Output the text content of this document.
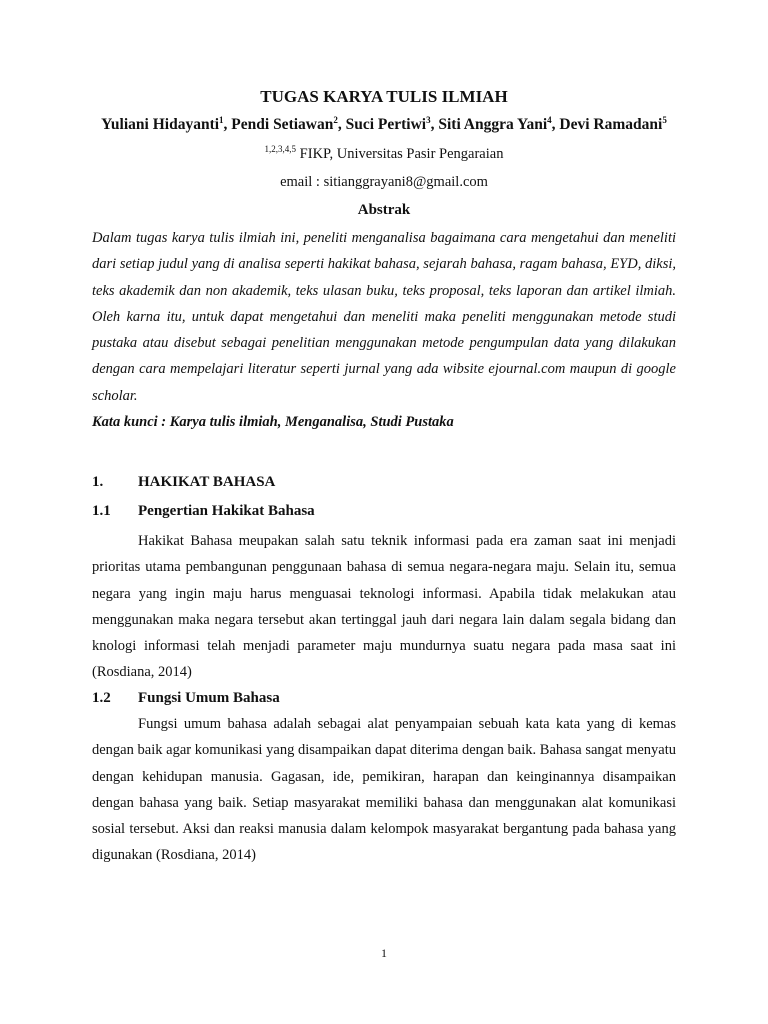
TUGAS KARYA TULIS ILMIAH
Yuliani Hidayanti$^1$, Pendi Setiawan$^2$, Suci Pertiwi$^3$, Siti Anggra Yani$^4$, Devi Ramadani$^5$
$^{1,2,3,4,5}$ FIKP, Universitas Pasir Pengaraian
email : sitianggrayani8@gmail.com
Abstrak

Dalam tugas karya tulis ilmiah ini, peneliti menganalisa bagaimana cara mengetahui dan meneliti dari setiap judul yang di analisa seperti hakikat bahasa, sejarah bahasa, ragam bahasa, EYD, diksi, teks akademik dan non akademik, teks ulasan buku, teks proposal, teks laporan dan artikel ilmiah. Oleh karna itu, untuk dapat mengetahui dan meneliti maka peneliti menggunakan metode studi pustaka atau disebut sebagai penelitian menggunakan metode pengumpulan data yang dilakukan dengan cara mempelajari literatur seperti jurnal yang ada wibsite ejournal.com maupun di google scholar.

Kata kunci : Karya tulis ilmiah, Menganalisa, Studi Pustaka

1. HAKIKAT BAHASA
1.1 Pengertian Hakikat Bahasa

Hakikat Bahasa meupakan salah satu teknik informasi pada era zaman saat ini menjadi prioritas utama pembangunan penggunaan bahasa di semua negara-negara maju. Selain itu, semua negara yang ingin maju harus menguasai teknologi informasi. Apabila tidak melakukan atau menggunakan maka negara tersebut akan tertinggal jauh dari negara lain dalam segala bidang dan knologi informasi telah menjadi parameter maju mundurnya suatu negara pada masa saat ini (Rosdiana, 2014)

1.2 Fungsi Umum Bahasa

Fungsi umum bahasa adalah sebagai alat penyampaian sebuah kata kata yang di kemas dengan baik agar komunikasi yang disampaikan dapat diterima dengan baik. Bahasa sangat menyatu dengan kehidupan manusia. Gagasan, ide, pemikiran, harapan dan keinginannya disampaikan dengan bahasa yang baik. Setiap masyarakat memiliki bahasa dan menggunakan alat komunikasi sosial tersebut. Aksi dan reaksi manusia dalam kelompok masyarakat bergantung pada bahasa yang digunakan (Rosdiana, 2014)

1
